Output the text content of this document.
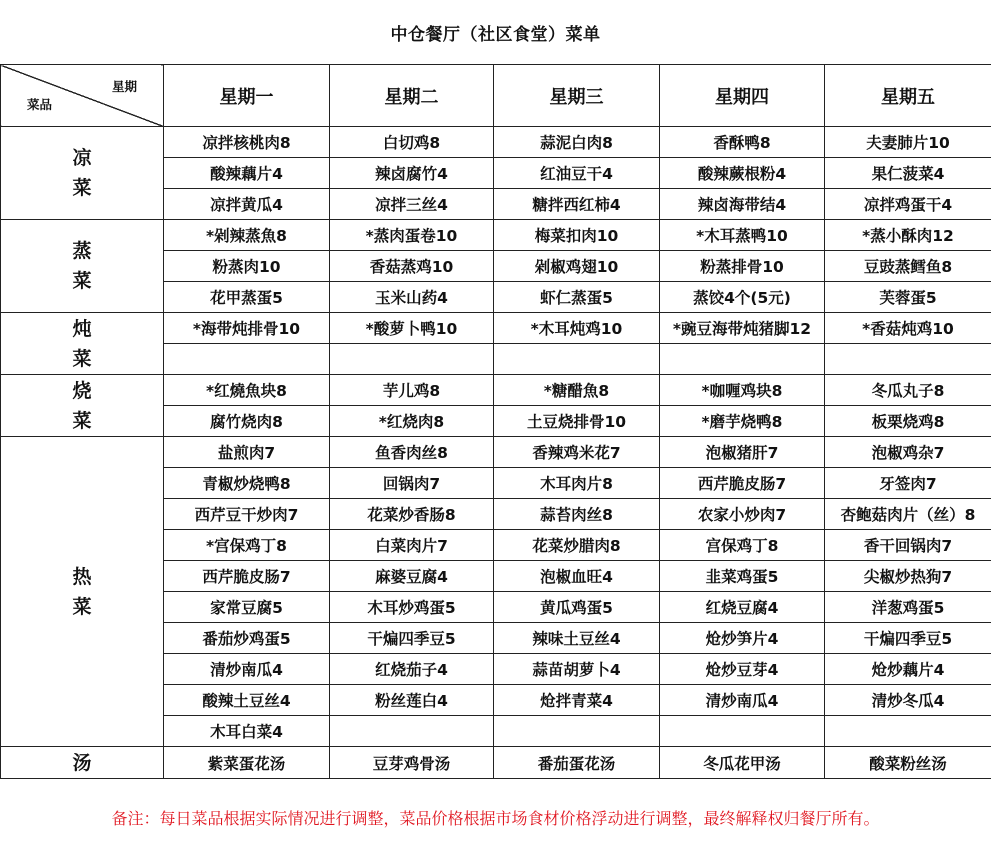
中仓餐厅（社区食堂）菜单
星期
菜品	星期一	星期二	星期三	星期四	星期五

凉
菜	凉拌核桃肉8	白切鸡8	蒜泥白肉8	香酥鸭8	夫妻肺片10
	酸辣藕片4	辣卤腐竹4	红油豆干4	酸辣蕨根粉4	果仁菠菜4
	凉拌黄瓜4	凉拌三丝4	糖拌西红柿4	辣卤海带结4	凉拌鸡蛋干4

蒸
菜	*剁辣蒸魚8	*蒸肉蛋卷10	梅菜扣肉10	*木耳蒸鸭10	*蒸小酥肉12
	粉蒸肉10	香菇蒸鸡10	剁椒鸡翅10	粉蒸排骨10	豆豉蒸鳕鱼8
	花甲蒸蛋5	玉米山药4	虾仁蒸蛋5	蒸饺4个(5元)	芙蓉蛋5

炖
菜	*海带炖排骨10	*酸萝卜鸭10	*木耳炖鸡10	*豌豆海带炖猪脚12	*香菇炖鸡10

烧
菜	*红燒魚块8	芋儿鸡8	*糖醋魚8	*咖喱鸡块8	冬瓜丸子8
	腐竹烧肉8	*红烧肉8	土豆烧排骨10	*磨芋烧鸭8	板栗烧鸡8

热
菜	盐煎肉7	鱼香肉丝8	香辣鸡米花7	泡椒猪肝7	泡椒鸡杂7
	青椒炒烧鸭8	回锅肉7	木耳肉片8	西芹脆皮肠7	牙签肉7
	西芹豆干炒肉7	花菜炒香肠8	蒜苔肉丝8	农家小炒肉7	杏鲍菇肉片（丝）8
	*宫保鸡丁8	白菜肉片7	花菜炒腊肉8	宫保鸡丁8	香干回锅肉7
	西芹脆皮肠7	麻婆豆腐4	泡椒血旺4	韭菜鸡蛋5	尖椒炒热狗7
	家常豆腐5	木耳炒鸡蛋5	黄瓜鸡蛋5	红烧豆腐4	洋葱鸡蛋5
	番茄炒鸡蛋5	干煸四季豆5	辣味土豆丝4	炝炒笋片4	干煸四季豆5
	清炒南瓜4	红烧茄子4	蒜苗胡萝卜4	炝炒豆芽4	炝炒藕片4
	酸辣土豆丝4	粉丝莲白4	炝拌青菜4	清炒南瓜4	清炒冬瓜4
	木耳白菜4				
汤	紫菜蛋花汤	豆芽鸡骨汤	番茄蛋花汤	冬瓜花甲汤	酸菜粉丝汤
备注：每日菜品根据实际情况进行调整，菜品价格根据市场食材价格浮动进行调整，最终解释权归餐厅所有。
